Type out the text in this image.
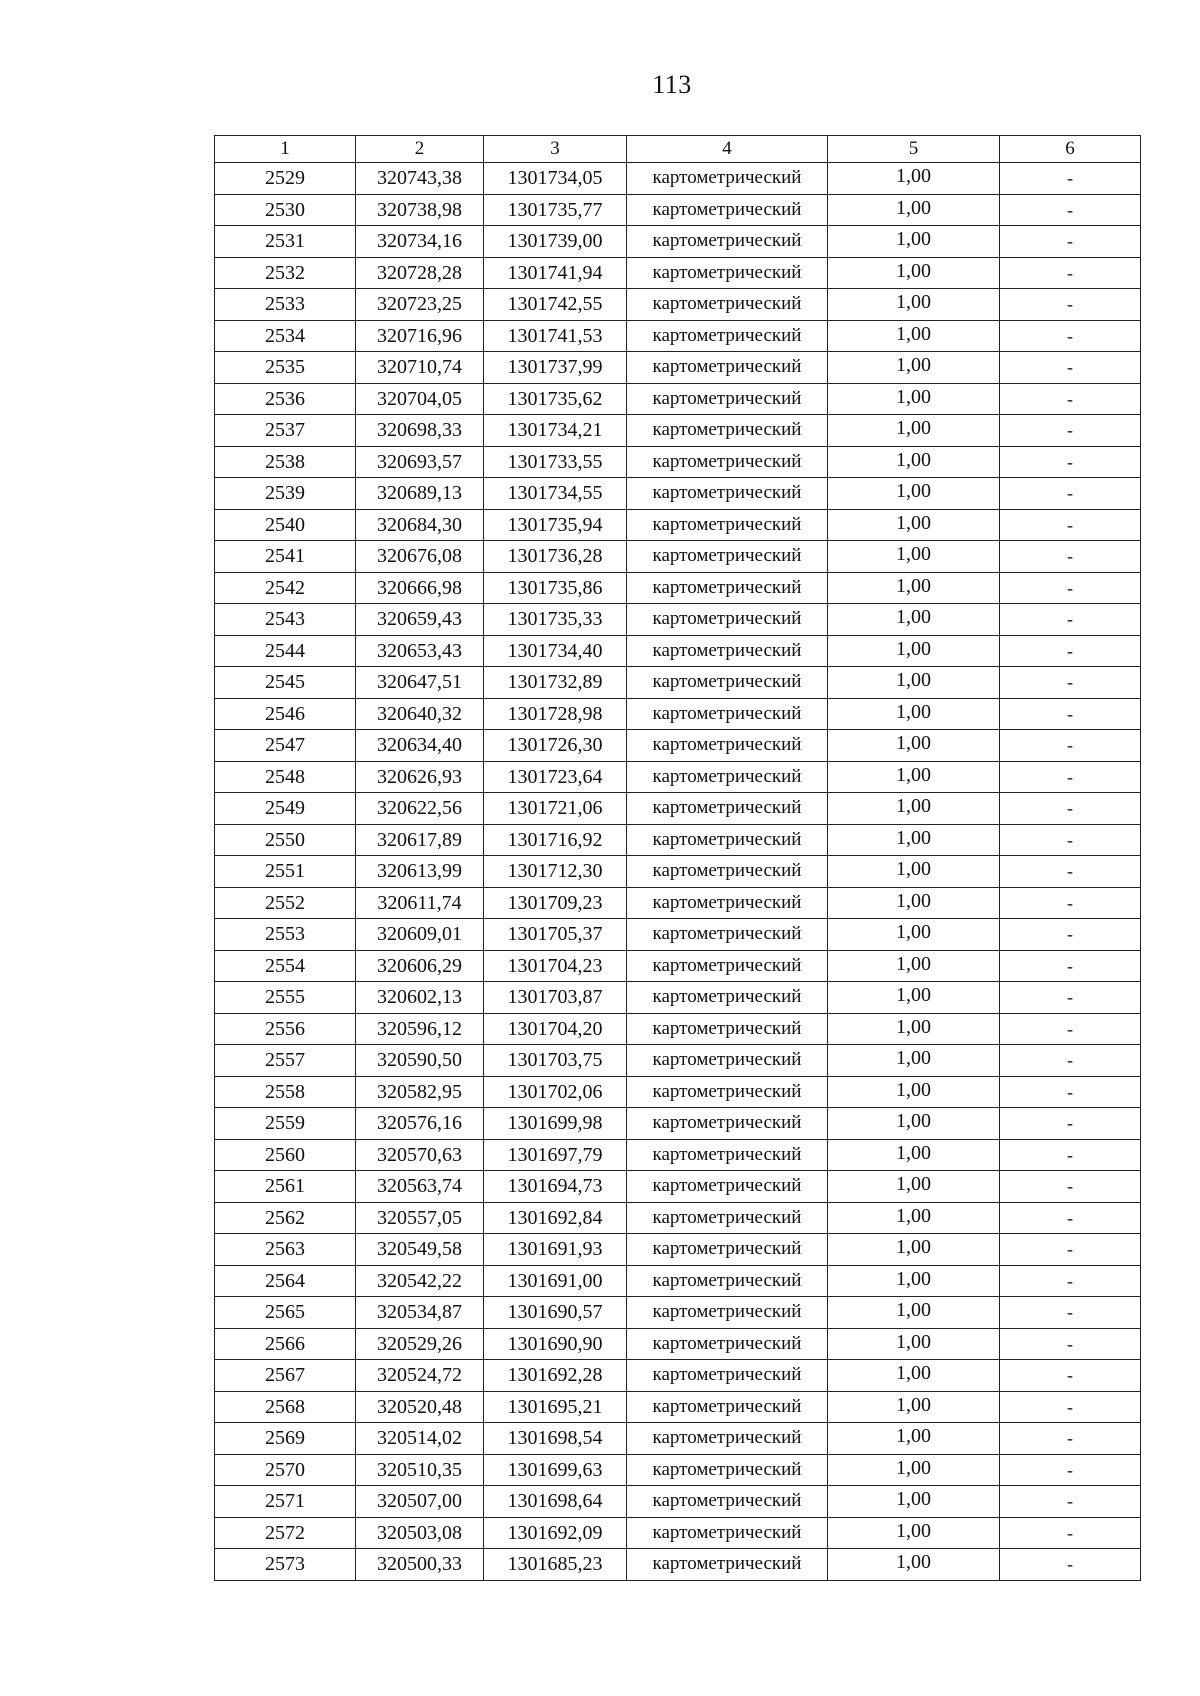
113
1	2	3	4	5	6
2529	320743,38	1301734,05	картометрический	1,00	-
2530	320738,98	1301735,77	картометрический	1,00	-
2531	320734,16	1301739,00	картометрический	1,00	-
2532	320728,28	1301741,94	картометрический	1,00	-
2533	320723,25	1301742,55	картометрический	1,00	-
2534	320716,96	1301741,53	картометрический	1,00	-
2535	320710,74	1301737,99	картометрический	1,00	-
2536	320704,05	1301735,62	картометрический	1,00	-
2537	320698,33	1301734,21	картометрический	1,00	-
2538	320693,57	1301733,55	картометрический	1,00	-
2539	320689,13	1301734,55	картометрический	1,00	-
2540	320684,30	1301735,94	картометрический	1,00	-
2541	320676,08	1301736,28	картометрический	1,00	-
2542	320666,98	1301735,86	картометрический	1,00	-
2543	320659,43	1301735,33	картометрический	1,00	-
2544	320653,43	1301734,40	картометрический	1,00	-
2545	320647,51	1301732,89	картометрический	1,00	-
2546	320640,32	1301728,98	картометрический	1,00	-
2547	320634,40	1301726,30	картометрический	1,00	-
2548	320626,93	1301723,64	картометрический	1,00	-
2549	320622,56	1301721,06	картометрический	1,00	-
2550	320617,89	1301716,92	картометрический	1,00	-
2551	320613,99	1301712,30	картометрический	1,00	-
2552	320611,74	1301709,23	картометрический	1,00	-
2553	320609,01	1301705,37	картометрический	1,00	-
2554	320606,29	1301704,23	картометрический	1,00	-
2555	320602,13	1301703,87	картометрический	1,00	-
2556	320596,12	1301704,20	картометрический	1,00	-
2557	320590,50	1301703,75	картометрический	1,00	-
2558	320582,95	1301702,06	картометрический	1,00	-
2559	320576,16	1301699,98	картометрический	1,00	-
2560	320570,63	1301697,79	картометрический	1,00	-
2561	320563,74	1301694,73	картометрический	1,00	-
2562	320557,05	1301692,84	картометрический	1,00	-
2563	320549,58	1301691,93	картометрический	1,00	-
2564	320542,22	1301691,00	картометрический	1,00	-
2565	320534,87	1301690,57	картометрический	1,00	-
2566	320529,26	1301690,90	картометрический	1,00	-
2567	320524,72	1301692,28	картометрический	1,00	-
2568	320520,48	1301695,21	картометрический	1,00	-
2569	320514,02	1301698,54	картометрический	1,00	-
2570	320510,35	1301699,63	картометрический	1,00	-
2571	320507,00	1301698,64	картометрический	1,00	-
2572	320503,08	1301692,09	картометрический	1,00	-
2573	320500,33	1301685,23	картометрический	1,00	-
